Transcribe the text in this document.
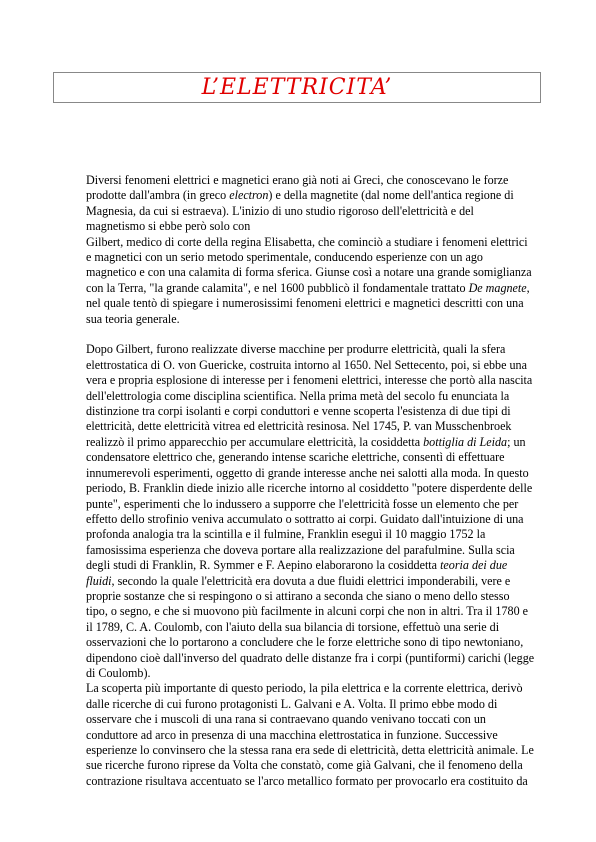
L’ELETTRICITA’
Diversi fenomeni elettrici e magnetici erano già noti ai Greci, che conoscevano le forze
prodotte dall'ambra (in greco electron) e della magnetite (dal nome dell'antica regione di
Magnesia, da cui si estraeva). L'inizio di uno studio rigoroso dell'elettricità e del
magnetismo si ebbe però solo con
Gilbert, medico di corte della regina Elisabetta, che cominciò a studiare i fenomeni elettrici
e magnetici con un serio metodo sperimentale, conducendo esperienze con un ago
magnetico e con una calamita di forma sferica. Giunse così a notare una grande somiglianza
con la Terra, "la grande calamita", e nel 1600 pubblicò il fondamentale trattato De magnete,
nel quale tentò di spiegare i numerosissimi fenomeni elettrici e magnetici descritti con una
sua teoria generale.
Dopo Gilbert, furono realizzate diverse macchine per produrre elettricità, quali la sfera
elettrostatica di O. von Guericke, costruita intorno al 1650. Nel Settecento, poi, si ebbe una
vera e propria esplosione di interesse per i fenomeni elettrici, interesse che portò alla nascita
dell'elettrologia come disciplina scientifica. Nella prima metà del secolo fu enunciata la
distinzione tra corpi isolanti e corpi conduttori e venne scoperta l'esistenza di due tipi di
elettricità, dette elettricità vitrea ed elettricità resinosa. Nel 1745, P. van Musschenbroek
realizzò il primo apparecchio per accumulare elettricità, la cosiddetta bottiglia di Leida; un
condensatore elettrico che, generando intense scariche elettriche, consentì di effettuare
innumerevoli esperimenti, oggetto di grande interesse anche nei salotti alla moda. In questo
periodo, B. Franklin diede inizio alle ricerche intorno al cosiddetto "potere disperdente delle
punte", esperimenti che lo indussero a supporre che l'elettricità fosse un elemento che per
effetto dello strofinio veniva accumulato o sottratto ai corpi. Guidato dall'intuizione di una
profonda analogia tra la scintilla e il fulmine, Franklin eseguì il 10 maggio 1752 la
famosissima esperienza che doveva portare alla realizzazione del parafulmine. Sulla scia
degli studi di Franklin, R. Symmer e F. Aepino elaborarono la cosiddetta teoria dei due
fluidi, secondo la quale l'elettricità era dovuta a due fluidi elettrici imponderabili, vere e
proprie sostanze che si respingono o si attirano a seconda che siano o meno dello stesso
tipo, o segno, e che si muovono più facilmente in alcuni corpi che non in altri. Tra il 1780 e
il 1789, C. A. Coulomb, con l'aiuto della sua bilancia di torsione, effettuò una serie di
osservazioni che lo portarono a concludere che le forze elettriche sono di tipo newtoniano,
dipendono cioè dall'inverso del quadrato delle distanze fra i corpi (puntiformi) carichi (legge
di Coulomb).
La scoperta più importante di questo periodo, la pila elettrica e la corrente elettrica, derivò
dalle ricerche di cui furono protagonisti L. Galvani e A. Volta. Il primo ebbe modo di
osservare che i muscoli di una rana si contraevano quando venivano toccati con un
conduttore ad arco in presenza di una macchina elettrostatica in funzione. Successive
esperienze lo convinsero che la stessa rana era sede di elettricità, detta elettricità animale. Le
sue ricerche furono riprese da Volta che constatò, come già Galvani, che il fenomeno della
contrazione risultava accentuato se l'arco metallico formato per provocarlo era costituito da
